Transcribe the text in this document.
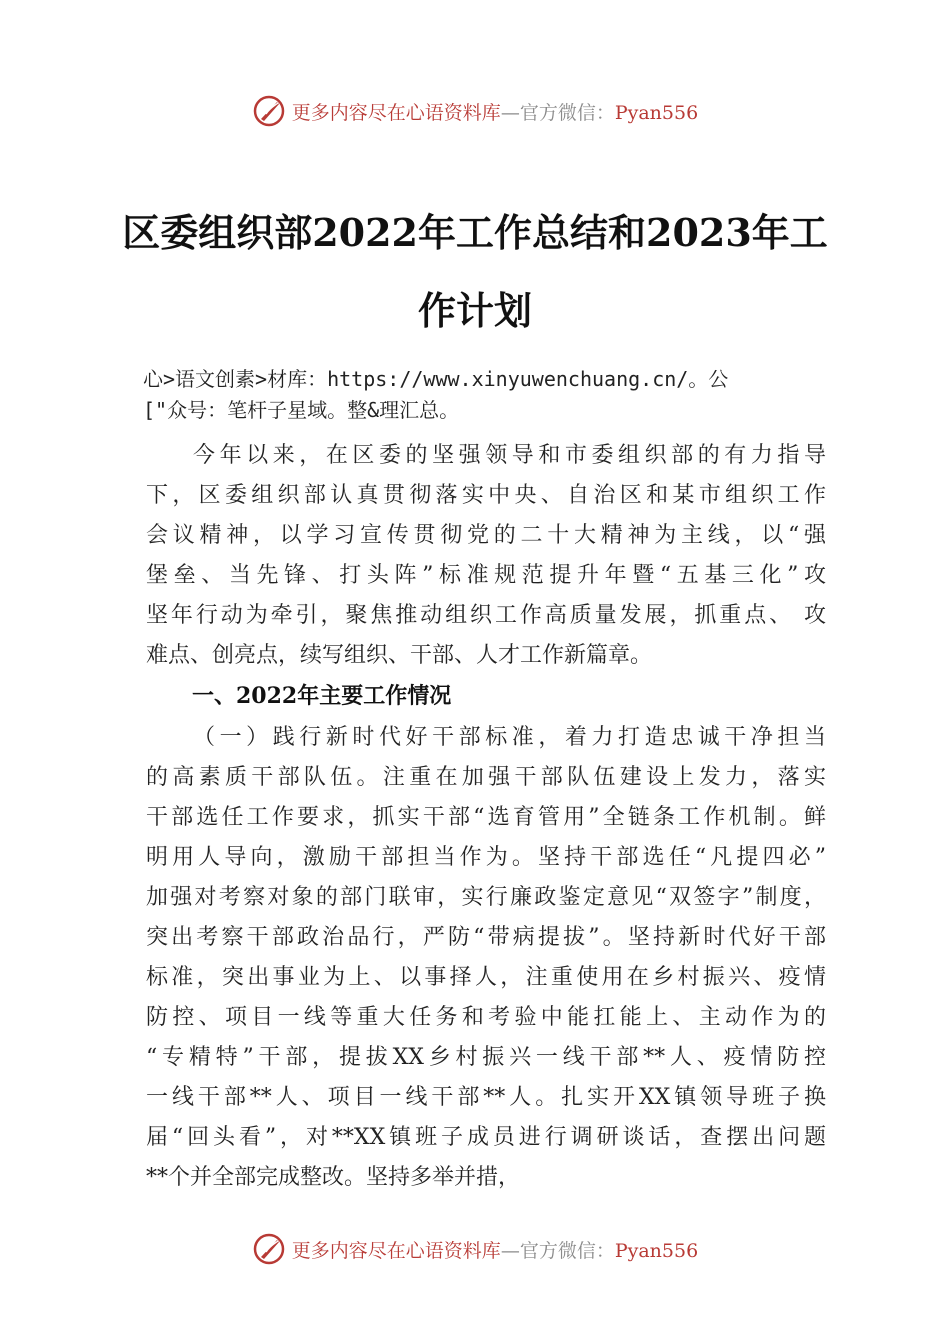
更多内容尽在心语资料库—官方微信：Pyan556
区委组织部2022年工作总结和2023年工
作计划
心>语文创素>材库：https://www.xinyuwenchuang.cn/。公
["众号：笔杆子星域。整&理汇总。
今年以来，在区委的坚强领导和市委组织部的有力指导
下，区委组织部认真贯彻落实中央、自治区和某市组织工作
会议精神，以学习宣传贯彻党的二十大精神为主线，以“强
堡垒、当先锋、打头阵”标准规范提升年暨“五基三化”攻
坚年行动为牵引，聚焦推动组织工作高质量发展，抓重点、 攻
难点、创亮点，续写组织、干部、人才工作新篇章。
一、2022年主要工作情况
（一）践行新时代好干部标准，着力打造忠诚干净担当
的高素质干部队伍。注重在加强干部队伍建设上发力，落实
干部选任工作要求，抓实干部“选育管用”全链条工作机制。鲜
明用人导向，激励干部担当作为。坚持干部选任“凡提四必”
加强对考察对象的部门联审，实行廉政鉴定意见“双签字”制度，
突出考察干部政治品行，严防“带病提拔”。坚持新时代好干部
标准，突出事业为上、以事择人，注重使用在乡村振兴、疫情
防控、项目一线等重大任务和考验中能扛能上、主动作为的
“专精特”干部，提拔XX乡村振兴一线干部**人、疫情防控
一线干部**人、项目一线干部**人。扎实开XX镇领导班子换
届“回头看”，对**XX镇班子成员进行调研谈话，查摆出问题
**个并全部完成整改。坚持多举并措，
更多内容尽在心语资料库—官方微信：Pyan556
